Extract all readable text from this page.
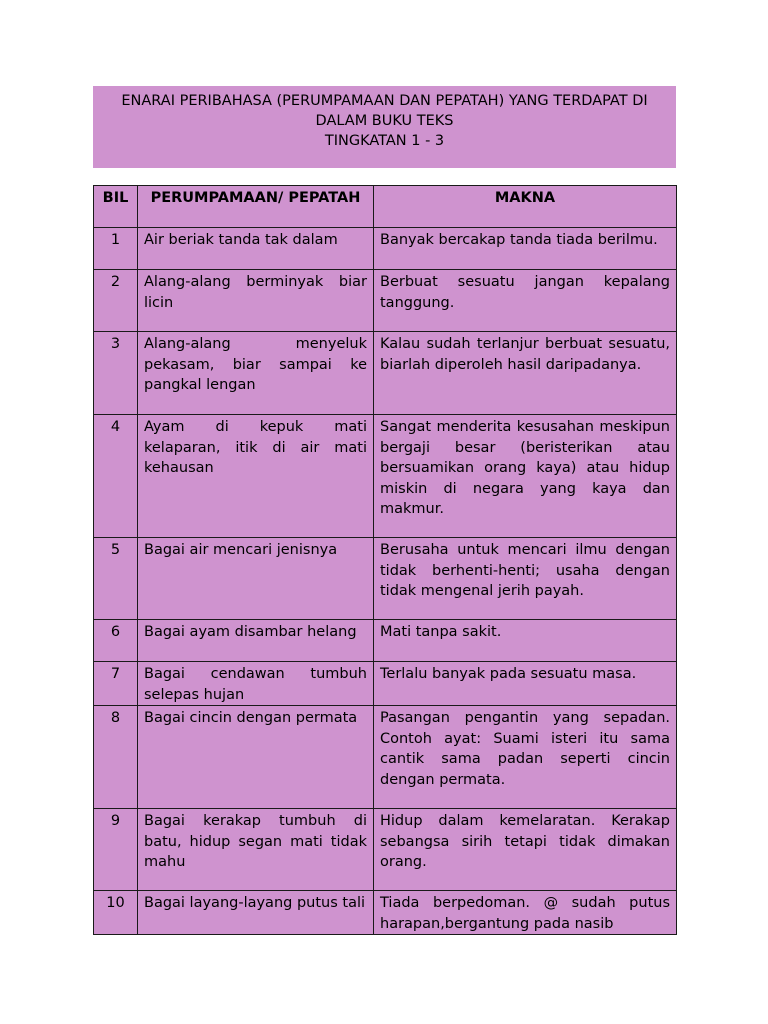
ENARAI PERIBAHASA (PERUMPAMAAN DAN PEPATAH) YANG TERDAPAT DI
DALAM BUKU TEKS
TINGKATAN 1 - 3
BIL	PERUMPAMAAN/ PEPATAH	MAKNA
1	Air beriak tanda tak dalam	Banyak bercakap tanda tiada berilmu.
2	Alang-alang berminyak biar licin	Berbuat sesuatu jangan kepalang tanggung.
3	Alang-alang menyeluk pekasam, biar sampai ke pangkal lengan	Kalau sudah terlanjur berbuat sesuatu, biarlah diperoleh hasil daripadanya.
4	Ayam di kepuk mati kelaparan, itik di air mati kehausan	Sangat menderita kesusahan meskipun bergaji besar (beristerikan atau bersuamikan orang kaya) atau hidup miskin di negara yang kaya dan makmur.
5	Bagai air mencari jenisnya	Berusaha untuk mencari ilmu dengan tidak berhenti-henti; usaha dengan tidak mengenal jerih payah.
6	Bagai ayam disambar helang	Mati tanpa sakit.
7	Bagai cendawan tumbuh selepas hujan	Terlalu banyak pada sesuatu masa.
8	Bagai cincin dengan permata	Pasangan pengantin yang sepadan. Contoh ayat: Suami isteri itu sama cantik sama padan seperti cincin dengan permata.
9	Bagai kerakap tumbuh di batu, hidup segan mati tidak mahu	Hidup dalam kemelaratan. Kerakap sebangsa sirih tetapi tidak dimakan orang.
10	Bagai layang-layang putus tali	Tiada berpedoman. @ sudah putus harapan,bergantung pada nasib
